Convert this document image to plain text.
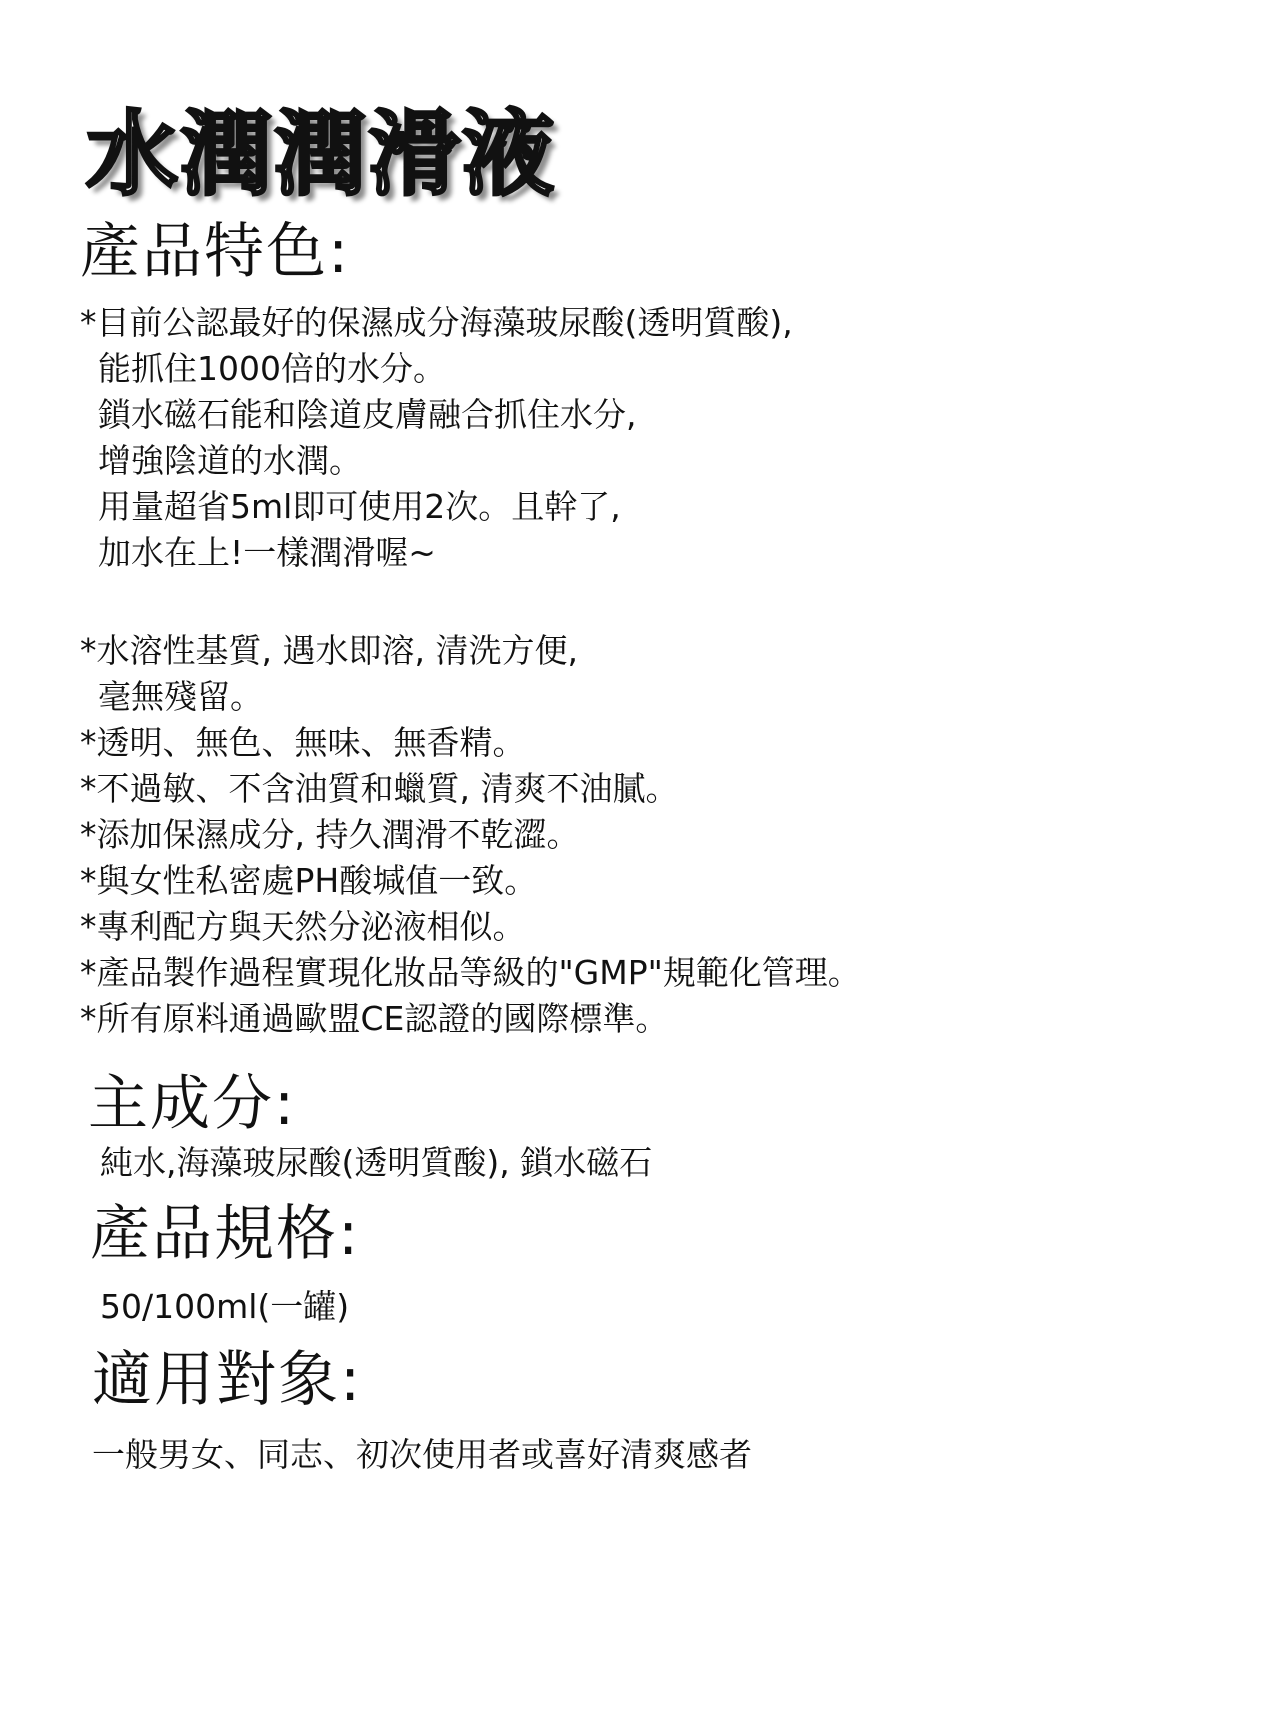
水潤潤滑液
產品特色:
*目前公認最好的保濕成分海藻玻尿酸(透明質酸),
能抓住1000倍的水分。
鎖水磁石能和陰道皮膚融合抓住水分,
增強陰道的水潤。
用量超省5ml即可使用2次。且幹了,
加水在上!一樣潤滑喔~
*水溶性基質, 遇水即溶, 清洗方便,
毫無殘留。
*透明、無色、無味、無香精。
*不過敏、不含油質和蠟質, 清爽不油膩。
*添加保濕成分, 持久潤滑不乾澀。
*與女性私密處PH酸堿值一致。
*專利配方與天然分泌液相似。
*產品製作過程實現化妝品等級的"GMP"規範化管理。
*所有原料通過歐盟CE認證的國際標準。
主成分:
純水,海藻玻尿酸(透明質酸), 鎖水磁石
產品規格:
50/100ml(一罐)
適用對象:
一般男女、同志、初次使用者或喜好清爽感者
